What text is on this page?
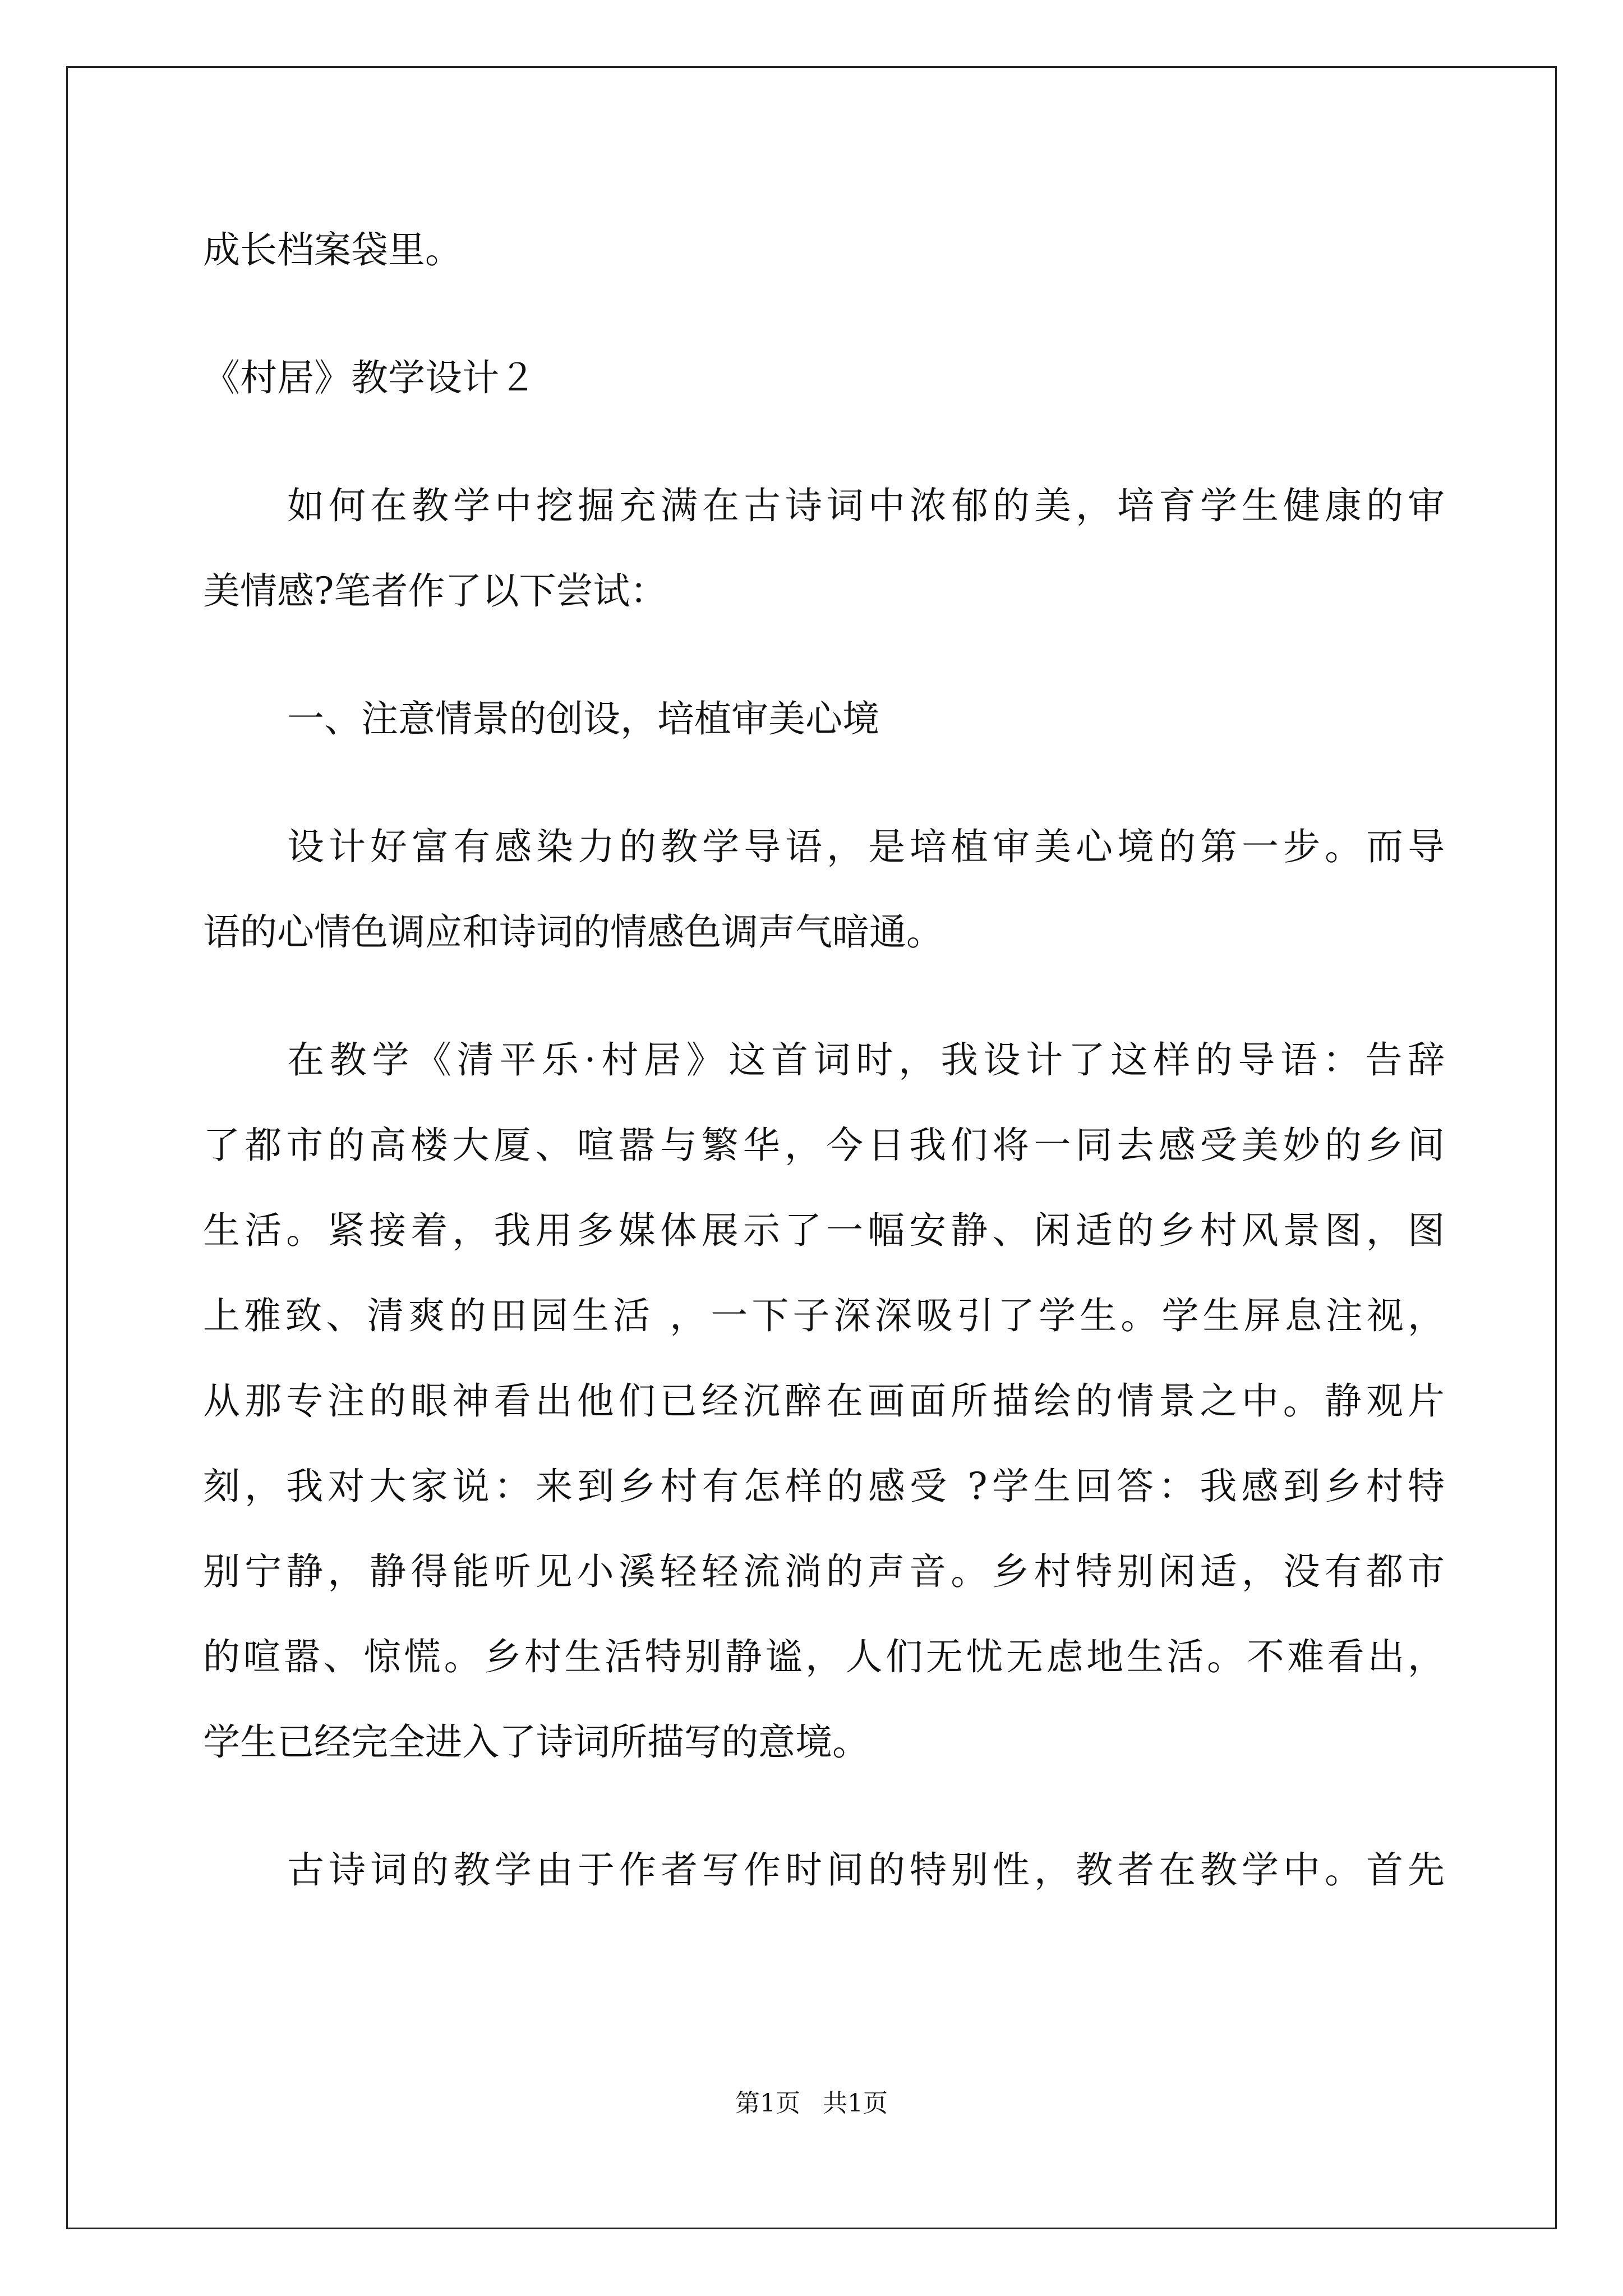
成长档案袋里。
《村居》教学设计２
如何在教学中挖掘充满在古诗词中浓郁的美，培育学生健康的审
美情感?笔者作了以下尝试：
一、注意情景的创设，培植审美心境
设计好富有感染力的教学导语，是培植审美心境的第一步。而导
语的心情色调应和诗词的情感色调声气暗通。
在教学《清平乐·村居》这首词时，我设计了这样的导语：告辞
了都市的高楼大厦、喧嚣与繁华，今日我们将一同去感受美妙的乡间
生活。紧接着，我用多媒体展示了一幅安静、闲适的乡村风景图，图
上雅致、清爽的田园生活 ，一下子深深吸引了学生。学生屏息注视，
从那专注的眼神看出他们已经沉醉在画面所描绘的情景之中。静观片
刻，我对大家说：来到乡村有怎样的感受 ?学生回答：我感到乡村特
别宁静，静得能听见小溪轻轻流淌的声音。乡村特别闲适，没有都市
的喧嚣、惊慌。乡村生活特别静谧，人们无忧无虑地生活。不难看出，
学生已经完全进入了诗词所描写的意境。
古诗词的教学由于作者写作时间的特别性，教者在教学中。首先
第1页 共1页
